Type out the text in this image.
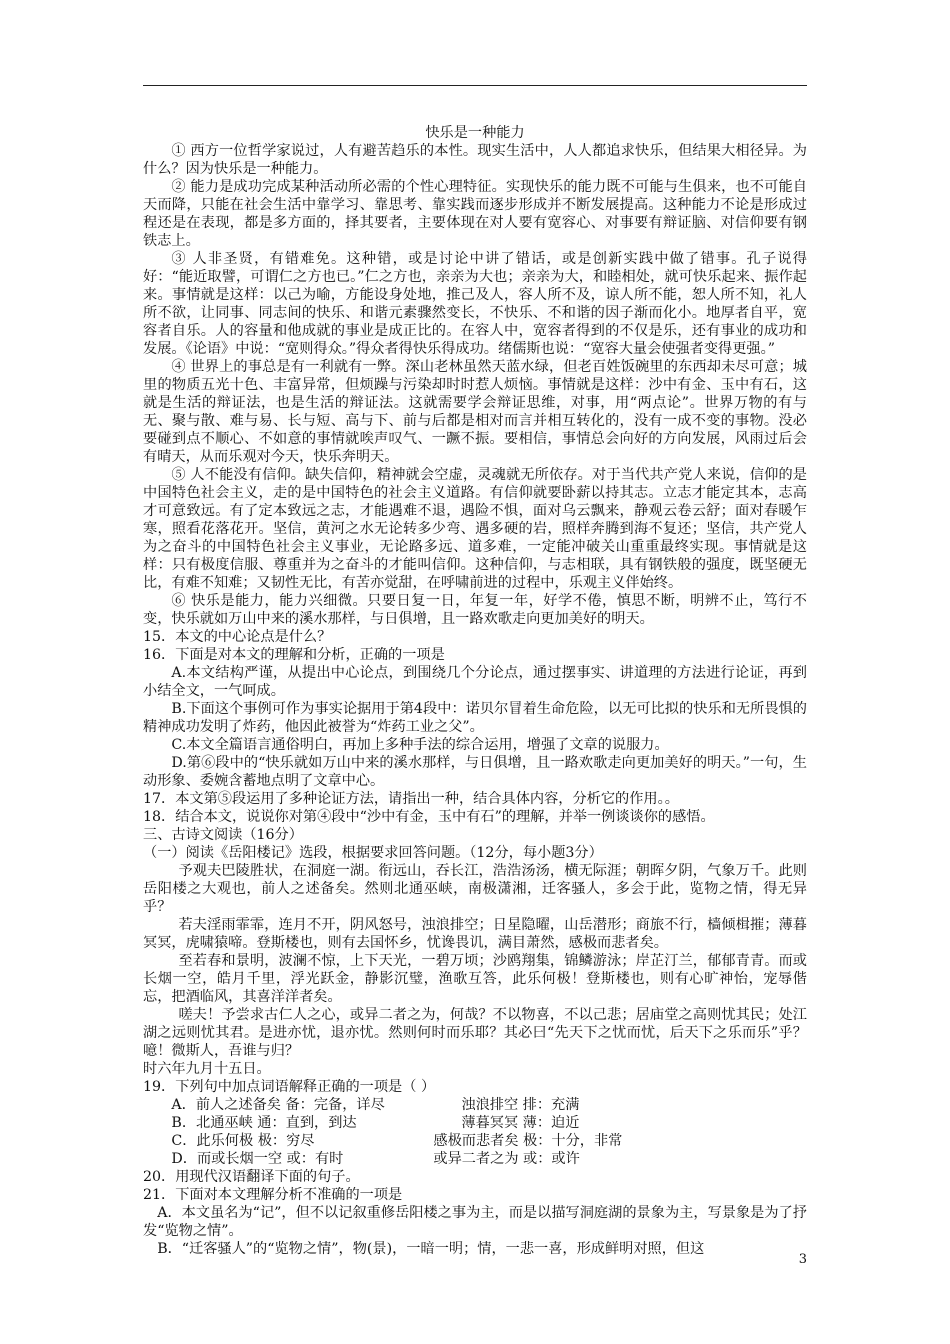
快乐是一种能力

① 西方一位哲学家说过，人有避苦趋乐的本性。现实生活中，人人都追求快乐，但结果大相径异。为什么？因为快乐是一种能力。

② 能力是成功完成某种活动所必需的个性心理特征。实现快乐的能力既不可能与生俱来，也不可能自天而降，只能在社会生活中靠学习、靠思考、靠实践而逐步形成并不断发展提高。这种能力不论是形成过程还是在表现，都是多方面的，择其要者，主要体现在对人要有宽容心、对事要有辩证脑、对信仰要有钢铁志上。

③ 人非圣贤，有错难免。这种错，或是讨论中讲了错话，或是创新实践中做了错事。孔子说得好：“能近取譬，可谓仁之方也已。”仁之方也，亲亲为大也；亲亲为大，和睦相处，就可快乐起来、振作起来。事情就是这样：以己为喻，方能设身处地，推己及人，容人所不及，谅人所不能，恕人所不知，礼人所不欲，让同事、同志间的快乐、和谐元素骤然变长，不快乐、不和谐的因子渐而化小。地厚者自平，宽容者自乐。人的容量和他成就的事业是成正比的。在容人中，宽容者得到的不仅是乐，还有事业的成功和发展。《论语》中说：“宽则得众。”得众者得快乐得成功。绪儒斯也说：“宽容大量会使强者变得更强。”

④ 世界上的事总是有一利就有一弊。深山老林虽然天蓝水绿，但老百姓饭碗里的东西却未尽可意；城里的物质五光十色、丰富异常，但烦躁与污染却时时惹人烦恼。事情就是这样：沙中有金、玉中有石，这就是生活的辩证法，也是生活的辩证法。这就需要学会辩证思维，对事，用“两点论”。世界万物的有与无、聚与散、难与易、长与短、高与下、前与后都是相对而言并相互转化的，没有一成不变的事物。没必要碰到点不顺心、不如意的事情就唉声叹气、一蹶不振。要相信，事情总会向好的方向发展，风雨过后会有晴天，从而乐观对今天，快乐奔明天。

⑤ 人不能没有信仰。缺失信仰，精神就会空虚，灵魂就无所依存。对于当代共产党人来说，信仰的是中国特色社会主义，走的是中国特色的社会主义道路。有信仰就要卧薪以持其志。立志才能定其本，志高才可意致远。有了定本致远之志，才能遇难不退，遇险不惧，面对乌云飘来，静观云卷云舒；面对春暖乍寒，照看花落花开。坚信，黄河之水无论转多少弯、遇多硬的岩，照样奔腾到海不复还；坚信，共产党人为之奋斗的中国特色社会主义事业，无论路多远、道多难，一定能冲破关山重重最终实现。事情就是这样：只有极度信服、尊重并为之奋斗的才能叫信仰。这种信仰，与志相联，具有钢铁般的强度，既坚硬无比，有难不知难；又韧性无比，有苦亦觉甜，在呼啸前进的过程中，乐观主义伴始终。

⑥ 快乐是能力，能力兴细微。只要日复一日，年复一年，好学不倦，慎思不断，明辨不止，笃行不变，快乐就如万山中来的溪水那样，与日俱增，且一路欢歌走向更加美好的明天。

15．本文的中心论点是什么？

16．下面是对本文的理解和分析，正确的一项是

A.本文结构严谨，从提出中心论点，到围绕几个分论点，通过摆事实、讲道理的方法进行论证，再到小结全文，一气呵成。

B.下面这个事例可作为事实论据用于第4段中：诺贝尔冒着生命危险，以无可比拟的快乐和无所畏惧的精神成功发明了炸药，他因此被誉为“炸药工业之父”。

C.本文全篇语言通俗明白，再加上多种手法的综合运用，增强了文章的说服力。

D.第⑥段中的“快乐就如万山中来的溪水那样，与日俱增，且一路欢歌走向更加美好的明天。”一句，生动形象、委婉含蓄地点明了文章中心。

17．本文第⑤段运用了多种论证方法，请指出一种，结合具体内容，分析它的作用。。

18．结合本文，说说你对第④段中“沙中有金，玉中有石”的理解，并举一例谈谈你的感悟。

三、古诗文阅读（16分）

（一）阅读《岳阳楼记》选段，根据要求回答问题。（12分，每小题3分）

予观夫巴陵胜状，在洞庭一湖。衔远山，吞长江，浩浩汤汤，横无际涯；朝晖夕阴，气象万千。此则岳阳楼之大观也，前人之述备矣。然则北通巫峡，南极潇湘，迁客骚人，多会于此，览物之情，得无异乎？

若夫淫雨霏霏，连月不开，阴风怒号，浊浪排空；日星隐曜，山岳潜形；商旅不行，樯倾楫摧；薄暮冥冥，虎啸猿啼。登斯楼也，则有去国怀乡，忧谗畏讥，满目萧然，感极而悲者矣。

至若春和景明，波澜不惊，上下天光，一碧万顷；沙鸥翔集，锦鳞游泳；岸芷汀兰，郁郁青青。而或长烟一空，皓月千里，浮光跃金，静影沉璧，渔歌互答，此乐何极！登斯楼也，则有心旷神怡，宠辱偕忘，把酒临风，其喜洋洋者矣。

嗟夫！予尝求古仁人之心，或异二者之为，何哉？不以物喜，不以己悲；居庙堂之高则忧其民；处江湖之远则忧其君。是进亦忧，退亦忧。然则何时而乐耶？其必曰“先天下之忧而忧，后天下之乐而乐”乎？噫！微斯人，吾谁与归？

时六年九月十五日。

19．下列句中加点词语解释正确的一项是（ ）

A．前人之述备矣 备：完备，详尽	浊浪排空 排：充满
B．北通巫峡 通：直到，到达	薄暮冥冥 薄：迫近
C．此乐何极 极：穷尽	感极而悲者矣 极：十分，非常
D．而或长烟一空 或：有时	或异二者之为 或：或许

20．用现代汉语翻译下面的句子。

21．下面对本文理解分析不准确的一项是

A．本文虽名为“记”，但不以记叙重修岳阳楼之事为主，而是以描写洞庭湖的景象为主，写景象是为了抒发“览物之情”。

B．“迁客骚人”的“览物之情”，物(景)，一暗一明；情，一悲一喜，形成鲜明对照，但这

3
